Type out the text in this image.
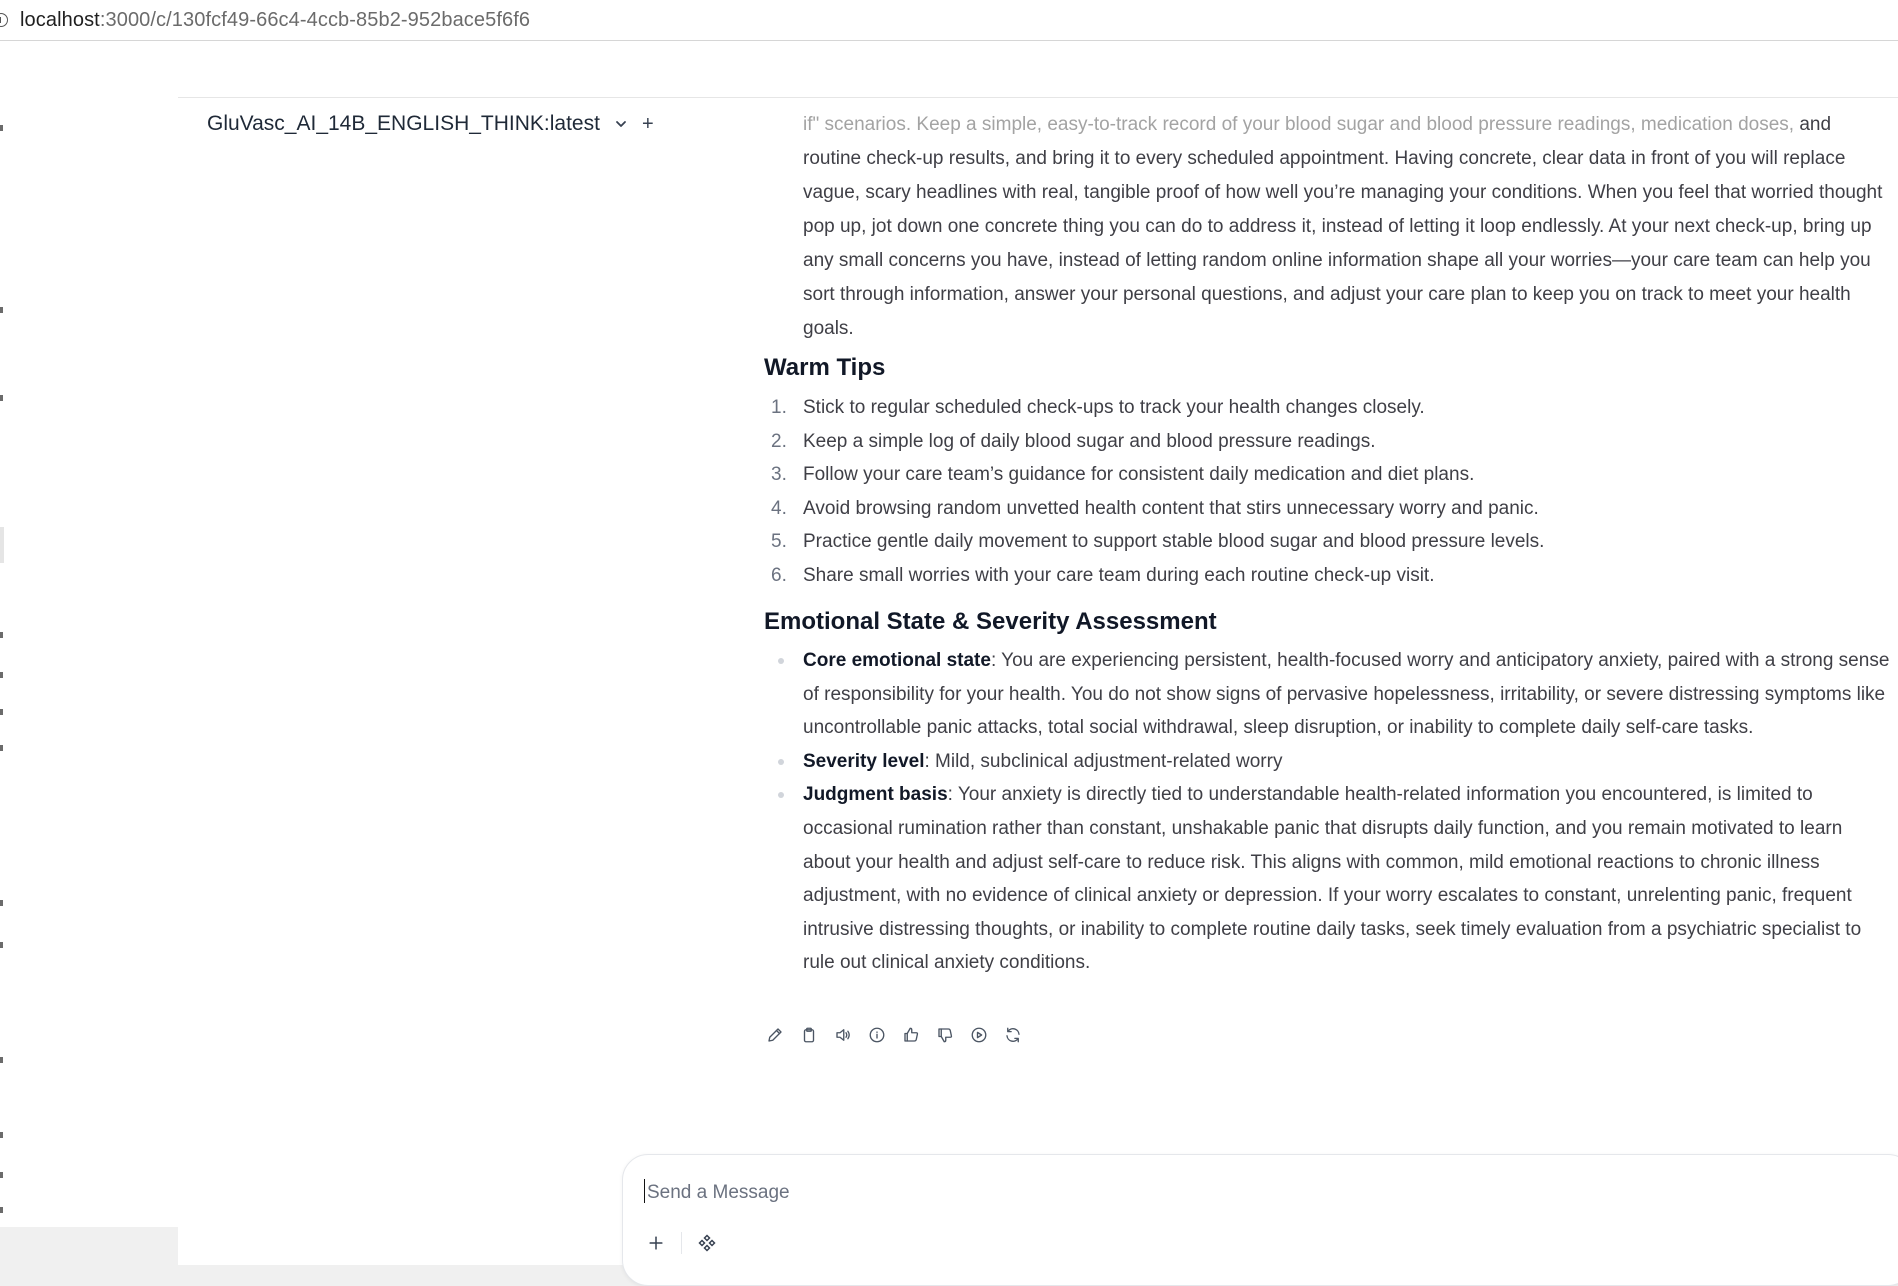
localhost:3000/c/130fcf49-66c4-4ccb-85b2-952bace5f6f6
GluVasc_AI_14B_ENGLISH_THINK:latest +	if" scenarios. Keep a simple, easy-to-track record of your blood sugar and blood pressure readings, medication doses, and routine check-up results, and bring it to every scheduled appointment. Having concrete, clear data in front of you will replace vague, scary headlines with real, tangible proof of how well you’re managing your conditions. When you feel that worried thought pop up, jot down one concrete thing you can do to address it, instead of letting it loop endlessly. At your next check-up, bring up any small concerns you have, instead of letting random online information shape all your worries—your care team can help you sort through information, answer your personal questions, and adjust your care plan to keep you on track to meet your health goals.

Warm Tips
1. Stick to regular scheduled check-ups to track your health changes closely.
2. Keep a simple log of daily blood sugar and blood pressure readings.
3. Follow your care team’s guidance for consistent daily medication and diet plans.
4. Avoid browsing random unvetted health content that stirs unnecessary worry and panic.
5. Practice gentle daily movement to support stable blood sugar and blood pressure levels.
6. Share small worries with your care team during each routine check-up visit.
Emotional State & Severity Assessment
Core emotional state: You are experiencing persistent, health-focused worry and anticipatory anxiety, paired with a strong sense of responsibility for your health. You do not show signs of pervasive hopelessness, irritability, or severe distressing symptoms like uncontrollable panic attacks, total social withdrawal, sleep disruption, or inability to complete daily self-care tasks.
Severity level: Mild, subclinical adjustment-related worry
Judgment basis: Your anxiety is directly tied to understandable health-related information you encountered, is limited to occasional rumination rather than constant, unshakable panic that disrupts daily function, and you remain motivated to learn about your health and adjust self-care to reduce risk. This aligns with common, mild emotional reactions to chronic illness adjustment, with no evidence of clinical anxiety or depression. If your worry escalates to constant, unrelenting panic, frequent intrusive distressing thoughts, or inability to complete routine daily tasks, seek timely evaluation from a psychiatric specialist to rule out clinical anxiety conditions.
Send a Message
